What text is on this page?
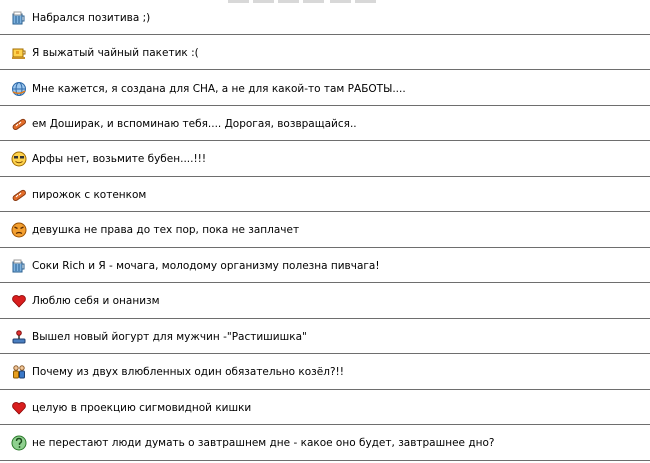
Набрался позитива ;)
Я выжатый чайный пакетик :(
Мне кажется, я создана для СНА, а не для какой-то там РАБОТЫ....
ем Доширак, и вспоминаю тебя.... Дорогая, возвращайся..
Арфы нет, возьмите бубен....!!!
пирожок с котенком
девушка не права до тех пор, пока не заплачет
Соки Rich и Я - мочага, молодому организму полезна пивчага!
Люблю себя и онанизм
Вышел новый йогурт для мужчин -"Растишишка"
Почему из двух влюбленных один обязательно козёл?!!
целую в проекцию сигмовидной кишки
не перестают люди думать о завтрашнем дне - какое оно будет, завтрашнее дно?
